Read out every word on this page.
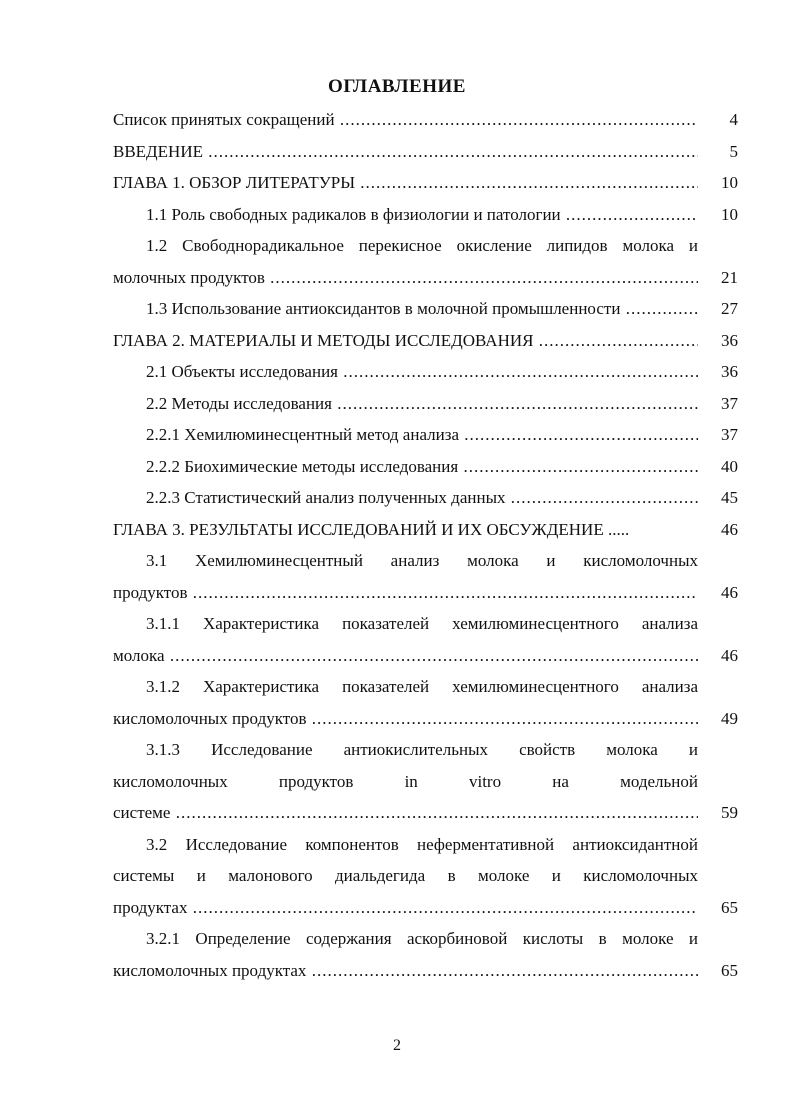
ОГЛАВЛЕНИЕ
Список принятых сокращений .....	4
ВВЕДЕНИЕ .....	5
ГЛАВА 1. ОБЗОР ЛИТЕРАТУРЫ .....	10
1.1 Роль свободных радикалов в физиологии и патологии .....	10
1.2 Свободнорадикальное перекисное окисление липидов молока и
молочных продуктов .....	21
1.3 Использование антиоксидантов в молочной промышленности .....	27
ГЛАВА 2. МАТЕРИАЛЫ И МЕТОДЫ ИССЛЕДОВАНИЯ .....	36
2.1 Объекты исследования .....	36
2.2 Методы исследования .....	37
2.2.1 Хемилюминесцентный метод анализа .....	37
2.2.2 Биохимические методы исследования .....	40
2.2.3 Статистический анализ полученных данных .....	45
ГЛАВА 3. РЕЗУЛЬТАТЫ ИССЛЕДОВАНИЙ И ИХ ОБСУЖДЕНИЕ .....	46
3.1 Хемилюминесцентный анализ молока и кисломолочных
продуктов .....	46
3.1.1 Характеристика показателей хемилюминесцентного анализа
молока .....	46
3.1.2 Характеристика показателей хемилюминесцентного анализа
кисломолочных продуктов .....	49
3.1.3 Исследование антиокислительных свойств молока и
кисломолочных продуктов in vitro на модельной
системе .....	59
3.2 Исследование компонентов неферментативной антиоксидантной
системы и малонового диальдегида в молоке и кисломолочных
продуктах .....	65
3.2.1 Определение содержания аскорбиновой кислоты в молоке и
кисломолочных продуктах .....	65
2
